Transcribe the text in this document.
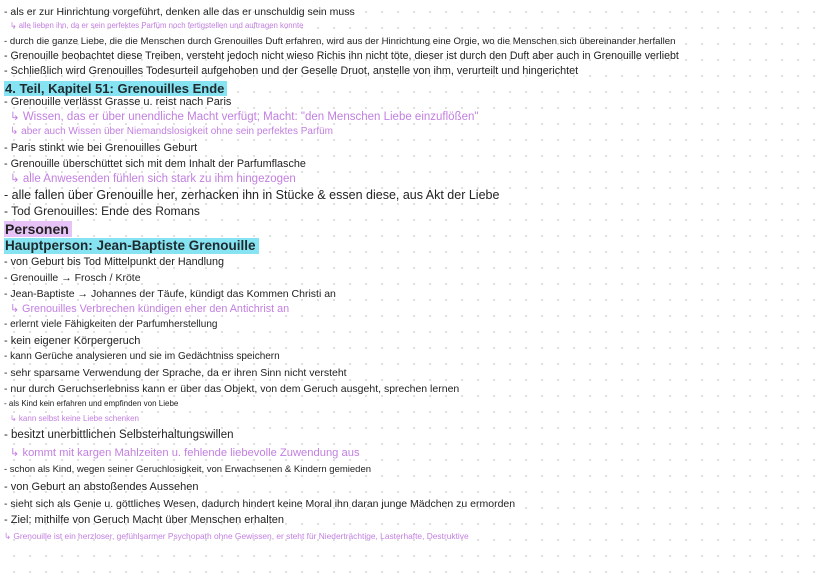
- als er zur Hinrichtung vorgeführt, denken alle das er unschuldig sein muss
↳ alle lieben ihn, da er sein perfektes Parfüm noch fertigstellen und auftragen konnte
- durch die ganze Liebe, die die Menschen durch Grenouilles Duft erfahren, wird aus der Hinrichtung eine Orgie, wo die Menschen sich übereinander herfallen
- Grenouille beobachtet diese Treiben, versteht jedoch nicht wieso Richis ihn nicht töte, dieser ist durch den Duft aber auch in Grenouille verliebt
- Schließlich wird Grenouilles Todesurteil aufgehoben und der Geselle Druot, anstelle von ihm, verurteilt und hingerichtet
4. Teil, Kapitel 51: Grenouilles Ende
- Grenouille verlässt Grasse u. reist nach Paris
↳ Wissen, das er über unendliche Macht verfügt; Macht: "den Menschen Liebe einzuflößen"
↳ aber auch Wissen über Niemandslosigkeit ohne sein perfektes Parfüm
- Paris stinkt wie bei Grenouilles Geburt
- Grenouille überschüttet sich mit dem Inhalt der Parfumflasche
↳ alle Anwesenden fühlen sich stark zu ihm hingezogen
- alle fallen über Grenouille her, zerhacken ihn in Stücke & essen diese, aus Akt der Liebe
- Tod Grenouilles: Ende des Romans
Personen
Hauptperson: Jean-Baptiste Grenouille
- von Geburt bis Tod Mittelpunkt der Handlung
- Grenouille → Frosch / Kröte
- Jean-Baptiste → Johannes der Täufe, kündigt das Kommen Christi an
↳ Grenouilles Verbrechen kündigen eher den Antichrist an
- erlernt viele Fähigkeiten der Parfumherstellung
- kein eigener Körpergeruch
- kann Gerüche analysieren und sie im Gedächtniss speichern
- sehr sparsame Verwendung der Sprache, da er ihren Sinn nicht versteht
- nur durch Geruchserlebniss kann er über das Objekt, von dem Geruch ausgeht, sprechen lernen
- als Kind kein erfahren und empfinden von Liebe
↳ kann selbst keine Liebe schenken
- besitzt unerbittlichen Selbsterhaltungswillen
↳ kommt mit kargen Mahlzeiten u. fehlende liebevolle Zuwendung aus
- schon als Kind, wegen seiner Geruchlosigkeit, von Erwachsenen & Kindern gemieden
- von Geburt an abstoßendes Aussehen
- sieht sich als Genie u. göttliches Wesen, dadurch hindert keine Moral ihn daran junge Mädchen zu ermorden
- Ziel: mithilfe von Geruch Macht über Menschen erhalten
↳ Grenouille ist ein herzloser, gefühlsarmer Psychopath ohne Gewissen, er steht für Niederträchtige, Lasterhafte, Destruktive
